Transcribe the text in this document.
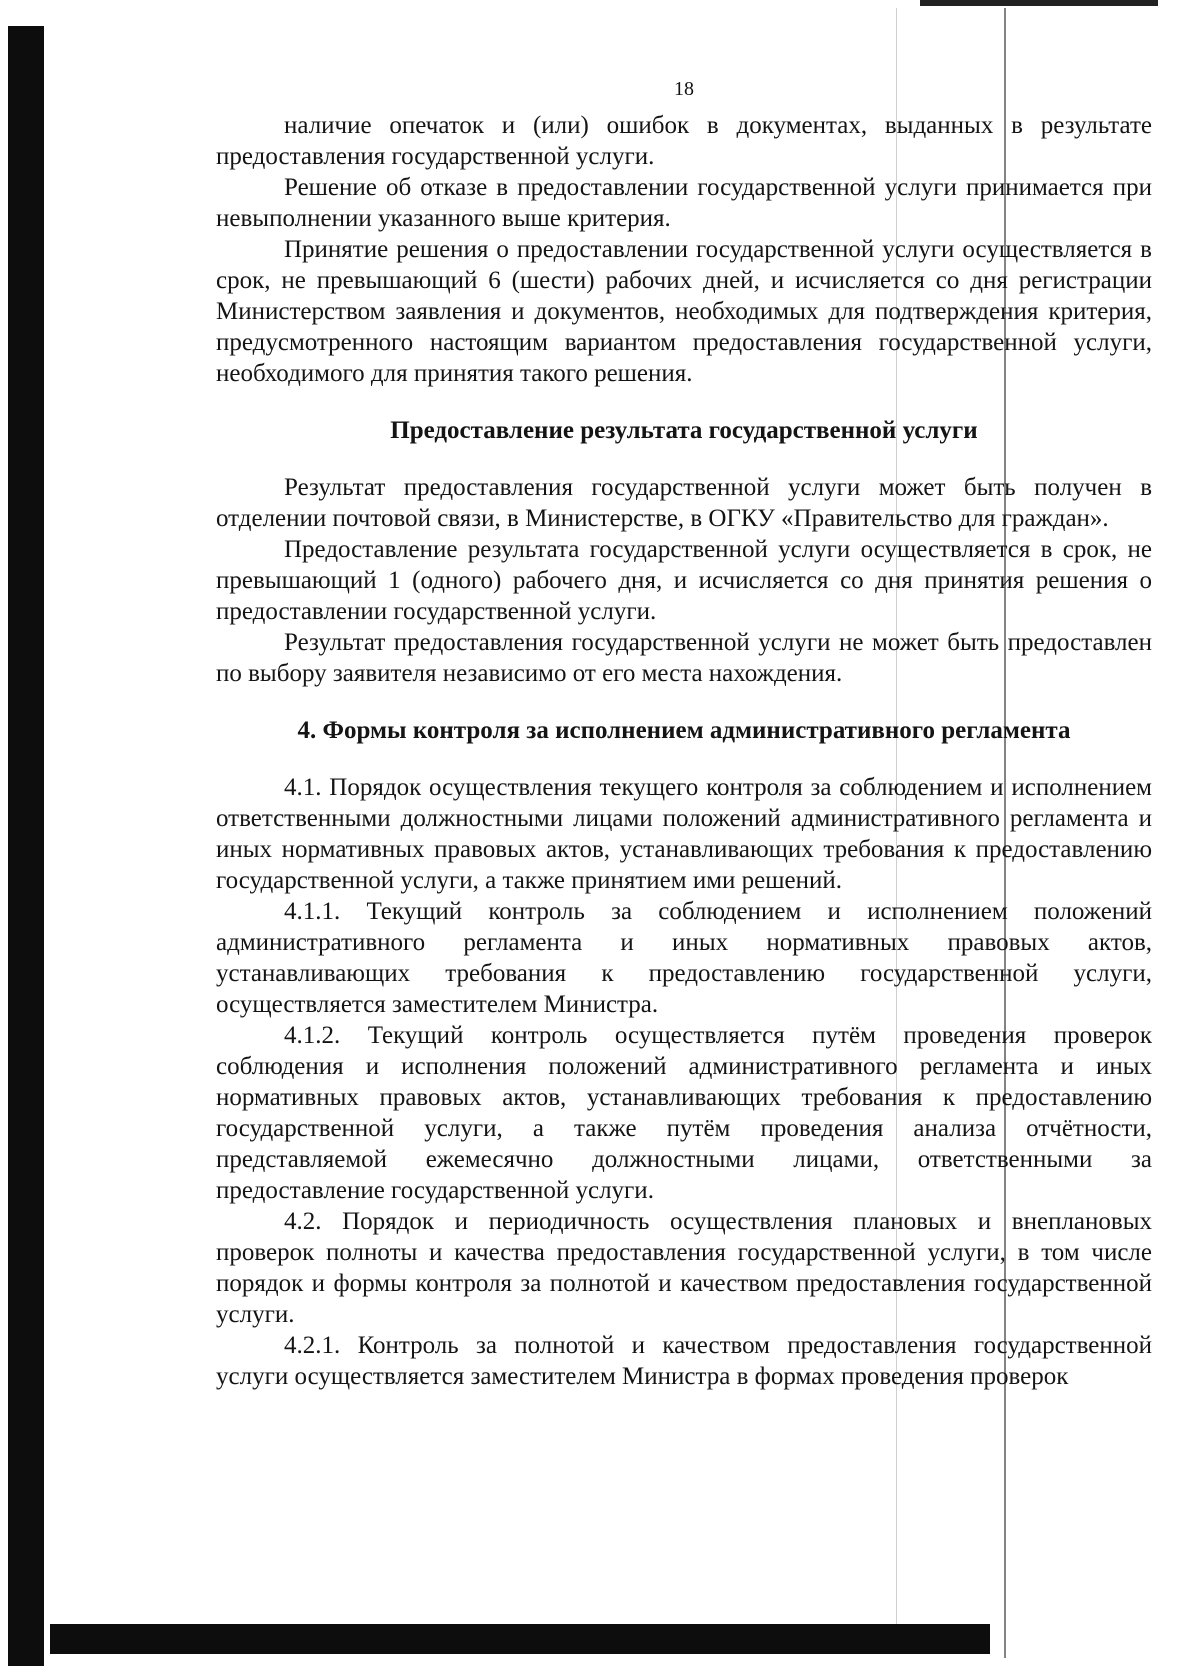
18

наличие опечаток и (или) ошибок в документах, выданных в результате предоставления государственной услуги.

Решение об отказе в предоставлении государственной услуги принимается при невыполнении указанного выше критерия.

Принятие решения о предоставлении государственной услуги осуществляется в срок, не превышающий 6 (шести) рабочих дней, и исчисляется со дня регистрации Министерством заявления и документов, необходимых для подтверждения критерия, предусмотренного настоящим вариантом предоставления государственной услуги, необходимого для принятия такого решения.

Предоставление результата государственной услуги

Результат предоставления государственной услуги может быть получен в отделении почтовой связи, в Министерстве, в ОГКУ «Правительство для граждан».

Предоставление результата государственной услуги осуществляется в срок, не превышающий 1 (одного) рабочего дня, и исчисляется со дня принятия решения о предоставлении государственной услуги.

Результат предоставления государственной услуги не может быть предоставлен по выбору заявителя независимо от его места нахождения.

4. Формы контроля за исполнением административного регламента

4.1. Порядок осуществления текущего контроля за соблюдением и исполнением ответственными должностными лицами положений административного регламента и иных нормативных правовых актов, устанавливающих требования к предоставлению государственной услуги, а также принятием ими решений.

4.1.1. Текущий контроль за соблюдением и исполнением положений административного регламента и иных нормативных правовых актов, устанавливающих требования к предоставлению государственной услуги, осуществляется заместителем Министра.

4.1.2. Текущий контроль осуществляется путём проведения проверок соблюдения и исполнения положений административного регламента и иных нормативных правовых актов, устанавливающих требования к предоставлению государственной услуги, а также путём проведения анализа отчётности, представляемой ежемесячно должностными лицами, ответственными за предоставление государственной услуги.

4.2. Порядок и периодичность осуществления плановых и внеплановых проверок полноты и качества предоставления государственной услуги, в том числе порядок и формы контроля за полнотой и качеством предоставления государственной услуги.

4.2.1. Контроль за полнотой и качеством предоставления государственной услуги осуществляется заместителем Министра в формах проведения проверок
